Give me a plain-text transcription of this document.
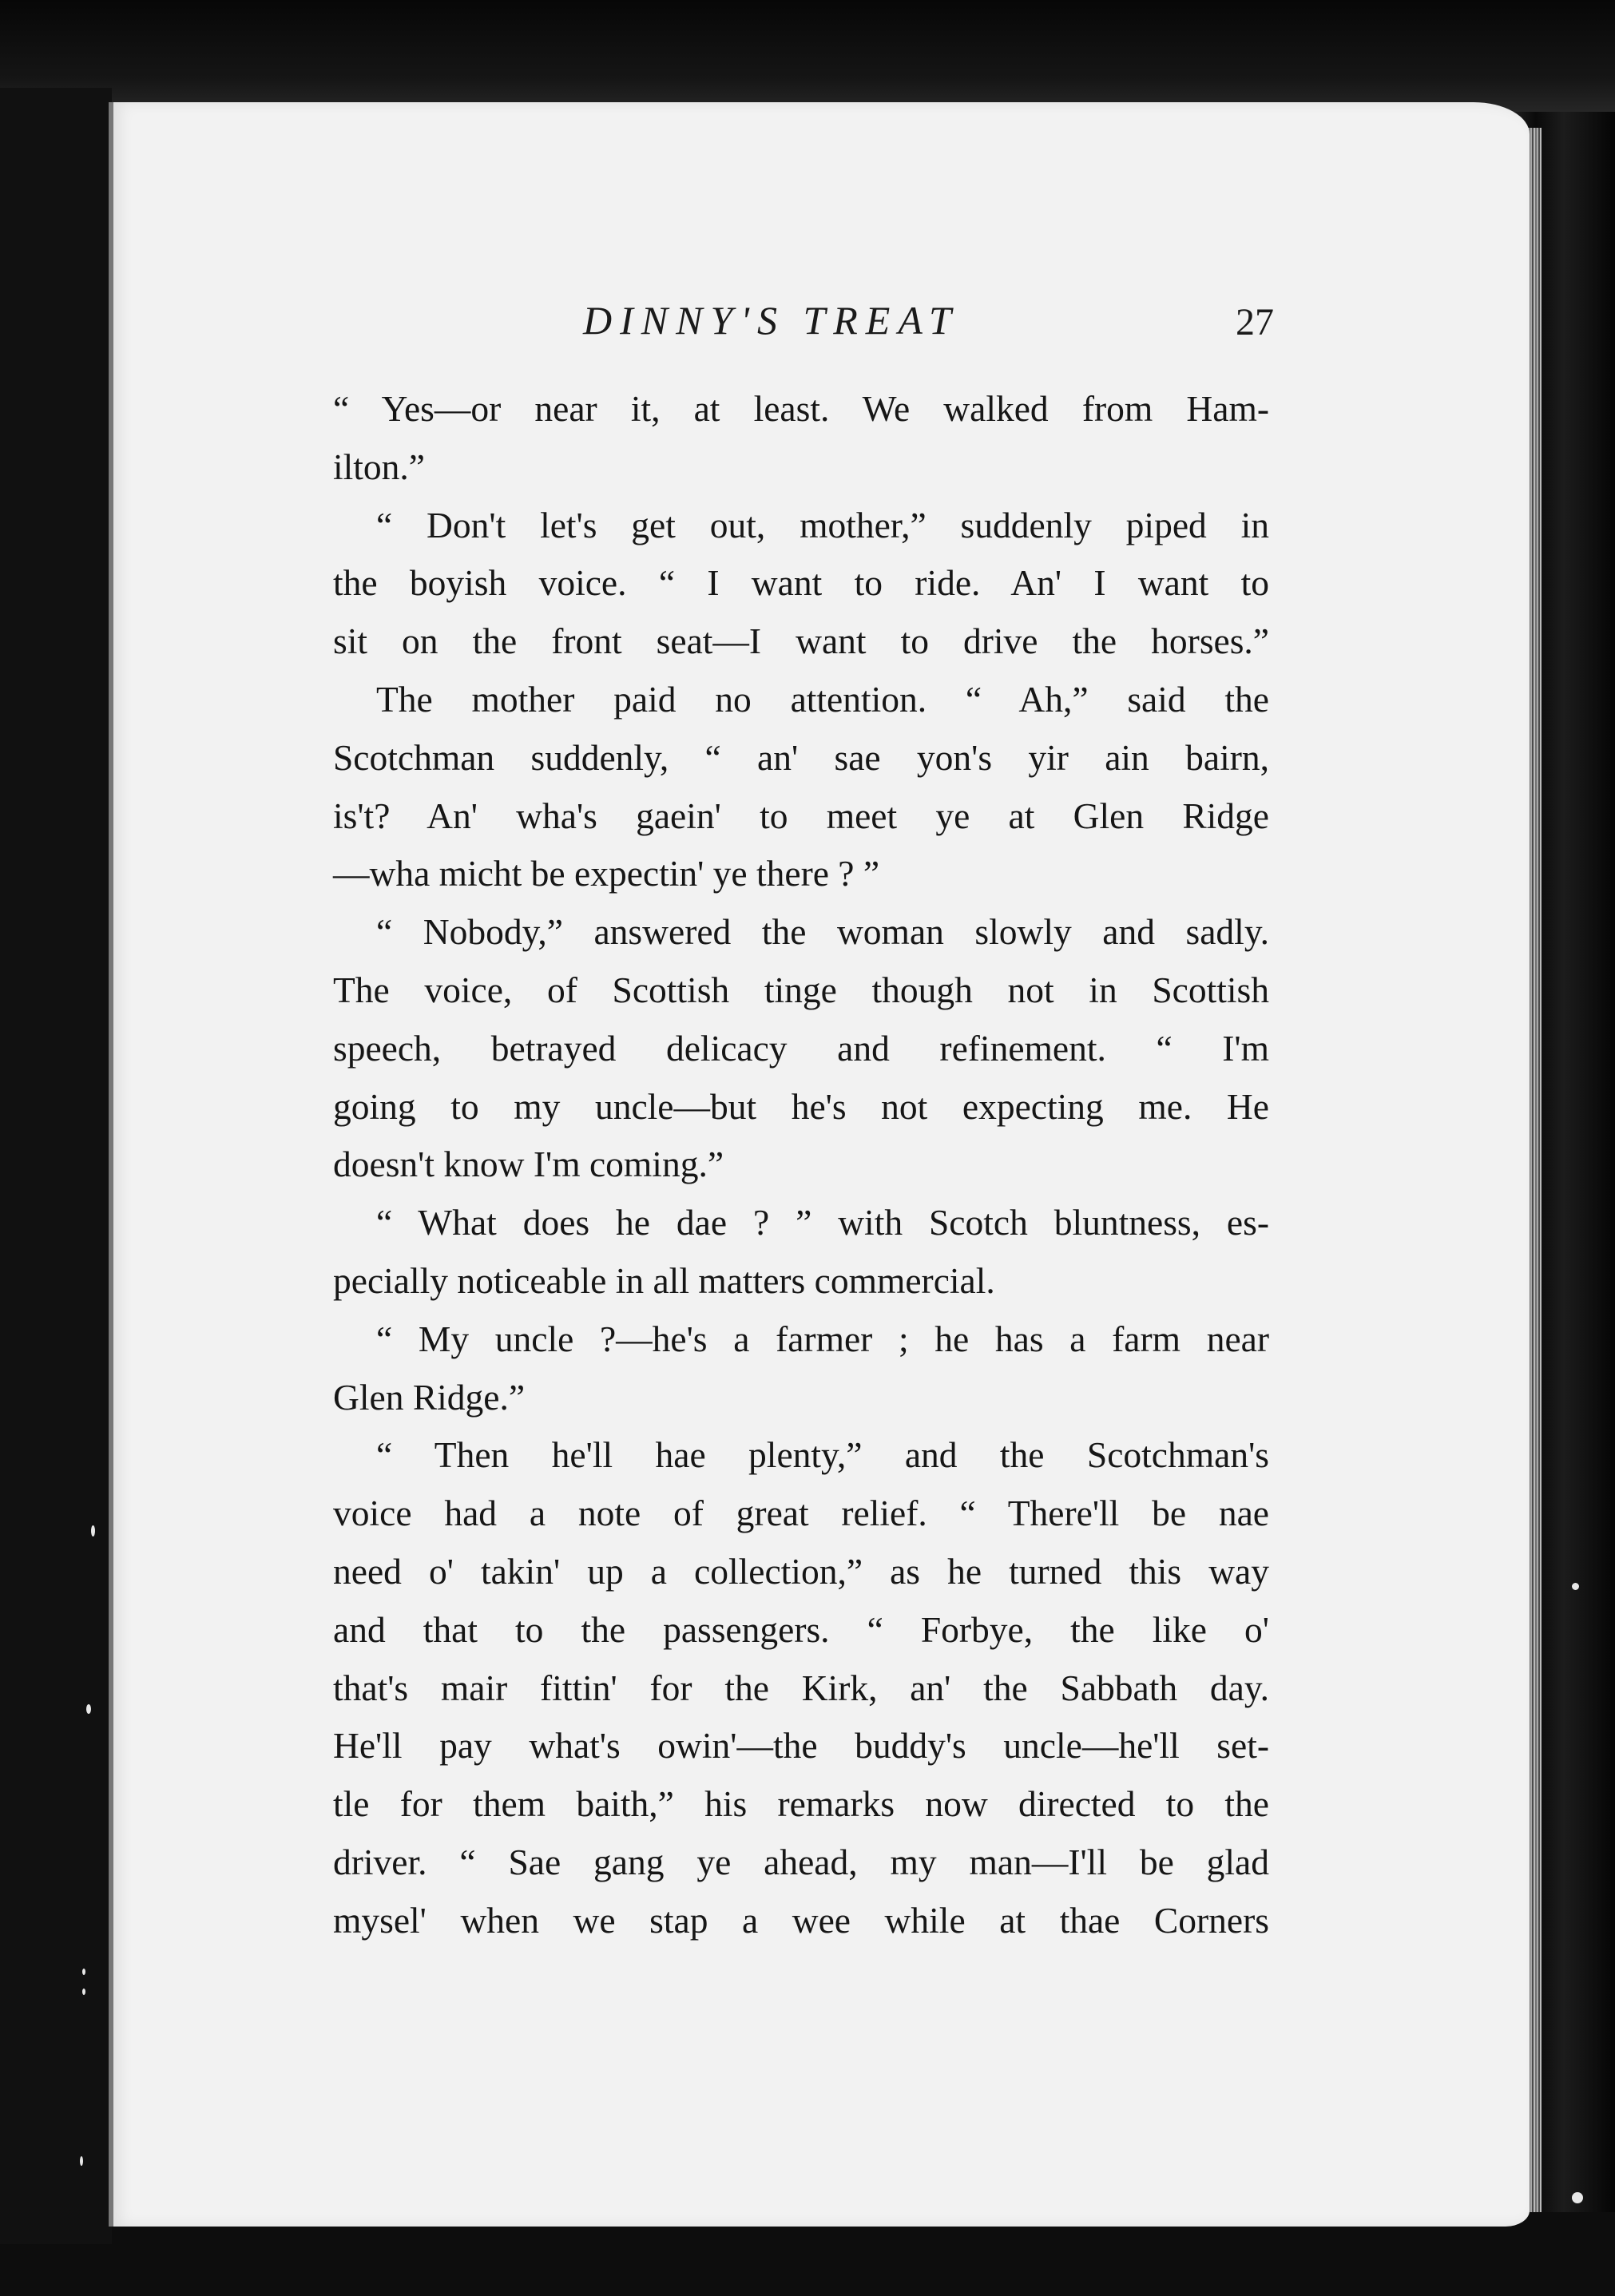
DINNY'S TREAT	27
“ Yes—or near it, at least. We walked from Ham-
ilton.”
“ Don't let's get out, mother,” suddenly piped in
the boyish voice. “ I want to ride. An' I want to
sit on the front seat—I want to drive the horses.”
The mother paid no attention. “ Ah,” said the
Scotchman suddenly, “ an' sae yon's yir ain bairn,
is't? An' wha's gaein' to meet ye at Glen Ridge
—wha micht be expectin' ye there ? ”
“ Nobody,” answered the woman slowly and sadly.
The voice, of Scottish tinge though not in Scottish
speech, betrayed delicacy and refinement. “ I'm
going to my uncle—but he's not expecting me. He
doesn't know I'm coming.”
“ What does he dae ? ” with Scotch bluntness, es-
pecially noticeable in all matters commercial.
“ My uncle ?—he's a farmer ; he has a farm near
Glen Ridge.”
“ Then he'll hae plenty,” and the Scotchman's
voice had a note of great relief. “ There'll be nae
need o' takin' up a collection,” as he turned this way
and that to the passengers. “ Forbye, the like o'
that's mair fittin' for the Kirk, an' the Sabbath day.
He'll pay what's owin'—the buddy's uncle—he'll set-
tle for them baith,” his remarks now directed to the
driver. “ Sae gang ye ahead, my man—I'll be glad
mysel' when we stap a wee while at thae Corners
